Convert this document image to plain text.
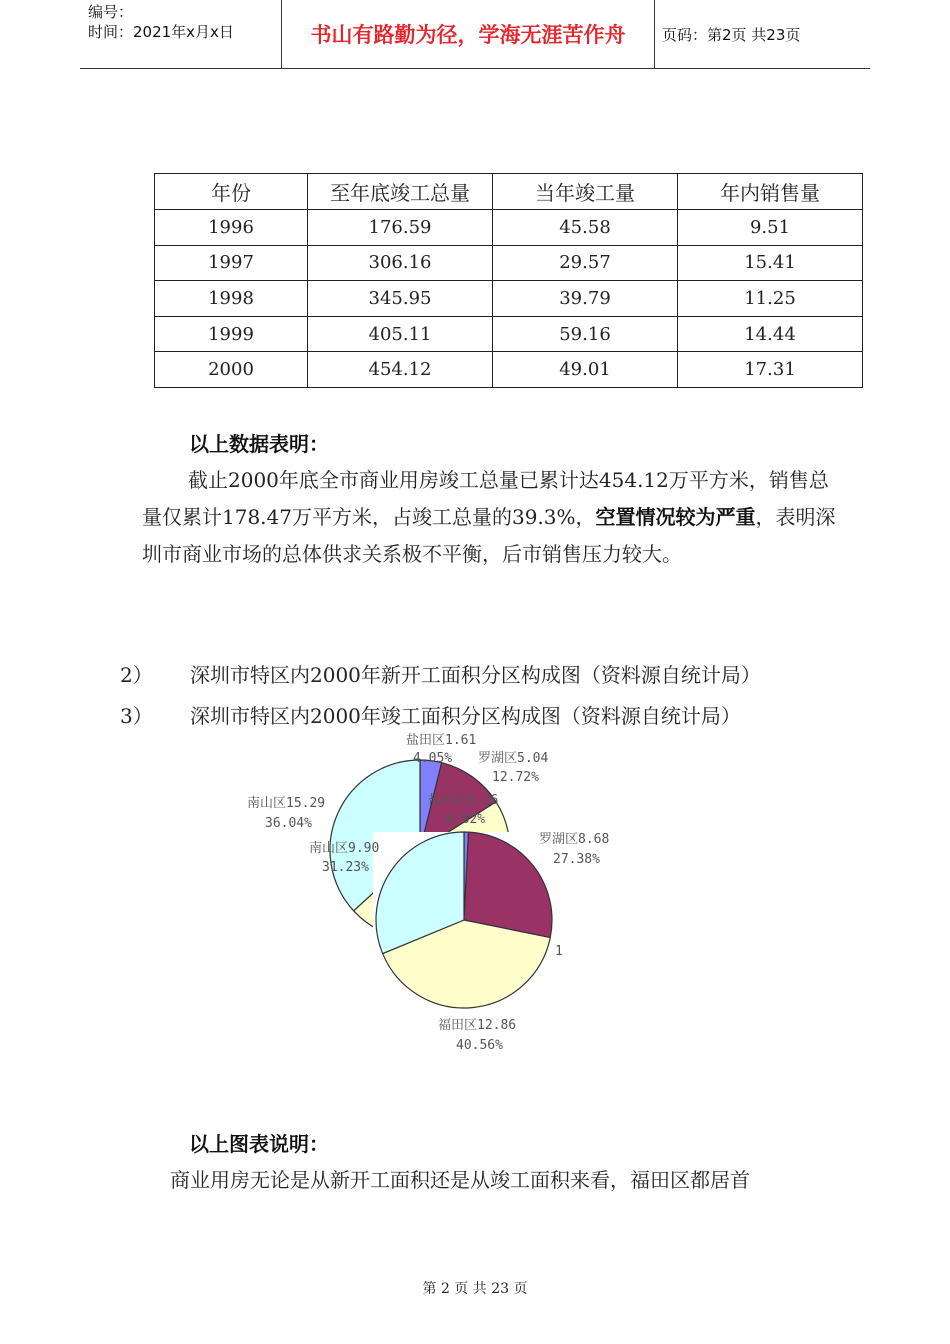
编号：
时间：2021年x月x日	书山有路勤为径，学海无涯苦作舟	页码：第2页 共23页
年份	至年底竣工总量	当年竣工量	年内销售量
1996	176.59	45.58	9.51
1997	306.16	29.57	15.41
1998	345.95	39.79	11.25
1999	405.11	59.16	14.44
2000	454.12	49.01	17.31
以上数据表明：
截止2000年底全市商业用房竣工总量已累计达454.12万平方米，销售总量仅累计178.47万平方米，占竣工总量的39.3%，空置情况较为严重，表明深圳市商业市场的总体供求关系极不平衡，后市销售压力较大。
2） 深圳市特区内2000年新开工面积分区构成图（资料源自统计局）
3） 深圳市特区内2000年竣工面积分区构成图（资料源自统计局）
盐田区1.61
4.05% 罗湖区5.04
12.72%
南山区15.29
36.04%
盐田区0.26
0.82%
罗湖区8.68
27.38%
南山区9.90
31.23%
福田区12.86
40.56%
1
以上图表说明：
商业用房无论是从新开工面积还是从竣工面积来看，福田区都居首
第 2 页 共 23 页
